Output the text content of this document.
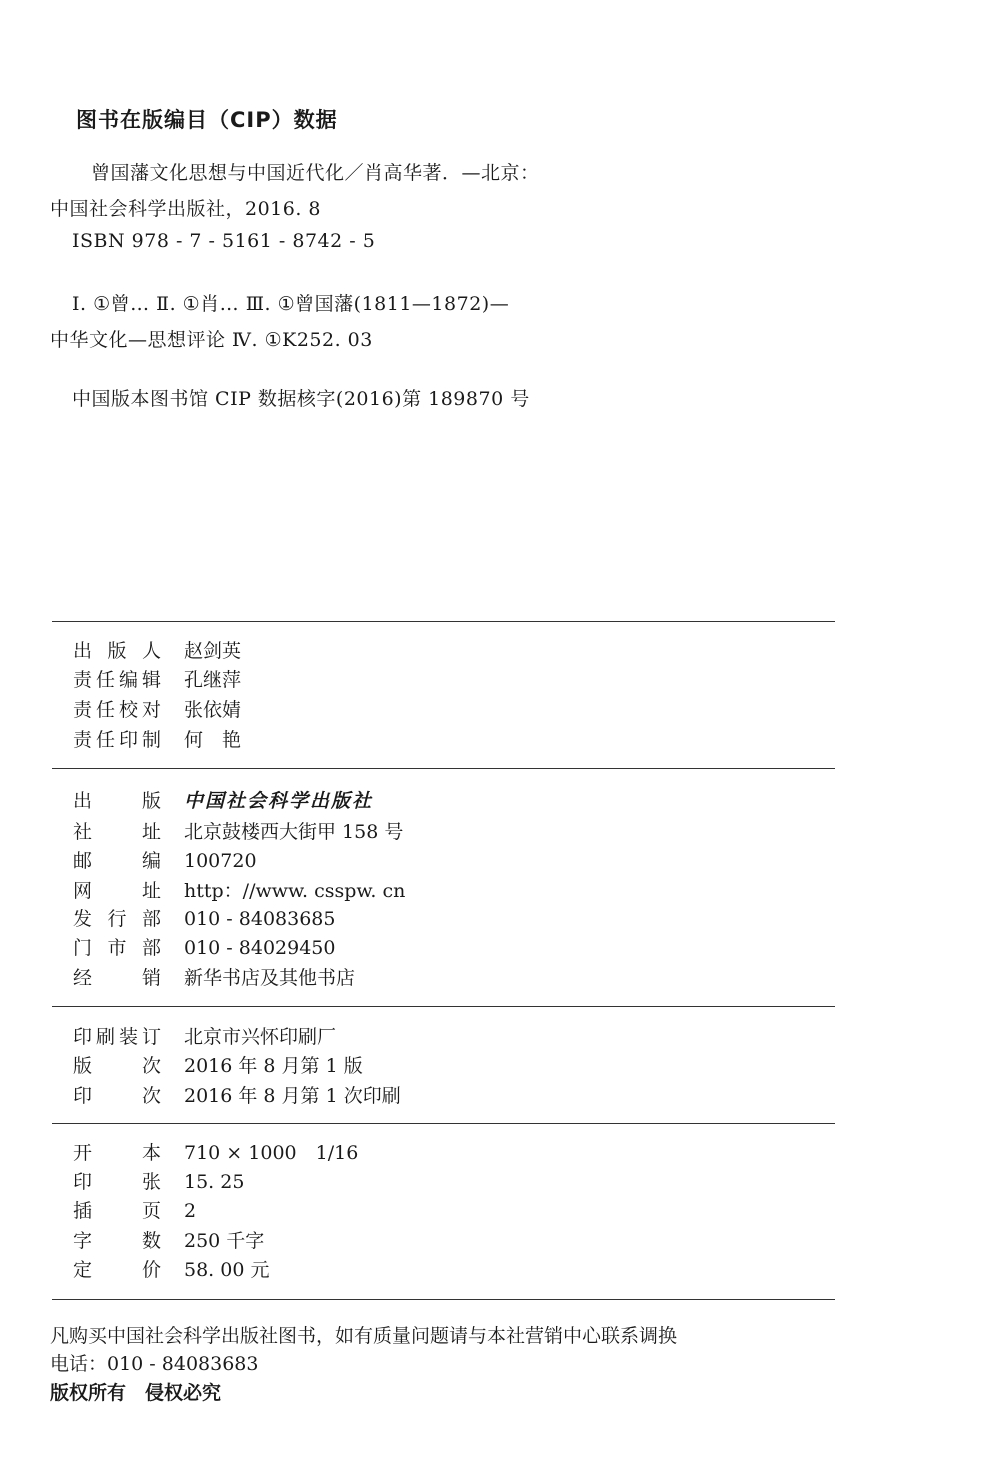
图书在版编目（CIP）数据
曾国藩文化思想与中国近代化／肖高华著．—北京：
中国社会科学出版社，2016. 8
ISBN 978 - 7 - 5161 - 8742 - 5
Ⅰ. ①曾… Ⅱ. ①肖… Ⅲ. ①曾国藩(1811—1872)—
中华文化—思想评论 Ⅳ. ①K252. 03
中国版本图书馆 CIP 数据核字(2016)第 189870 号
出版人 赵剑英
责任编辑 孔继萍
责任校对 张依婧
责任印制 何　艳
出版 中国社会科学出版社
社址 北京鼓楼西大街甲 158 号
邮编 100720
网址 http：//www. csspw. cn
发行部 010 - 84083685
门市部 010 - 84029450
经销 新华书店及其他书店
印刷装订 北京市兴怀印刷厂
版次 2016 年 8 月第 1 版
印次 2016 年 8 月第 1 次印刷
开本 710 × 1000　1/16
印张 15. 25
插页 2
字数 250 千字
定价 58. 00 元
凡购买中国社会科学出版社图书，如有质量问题请与本社营销中心联系调换
电话：010 - 84083683
版权所有　侵权必究
